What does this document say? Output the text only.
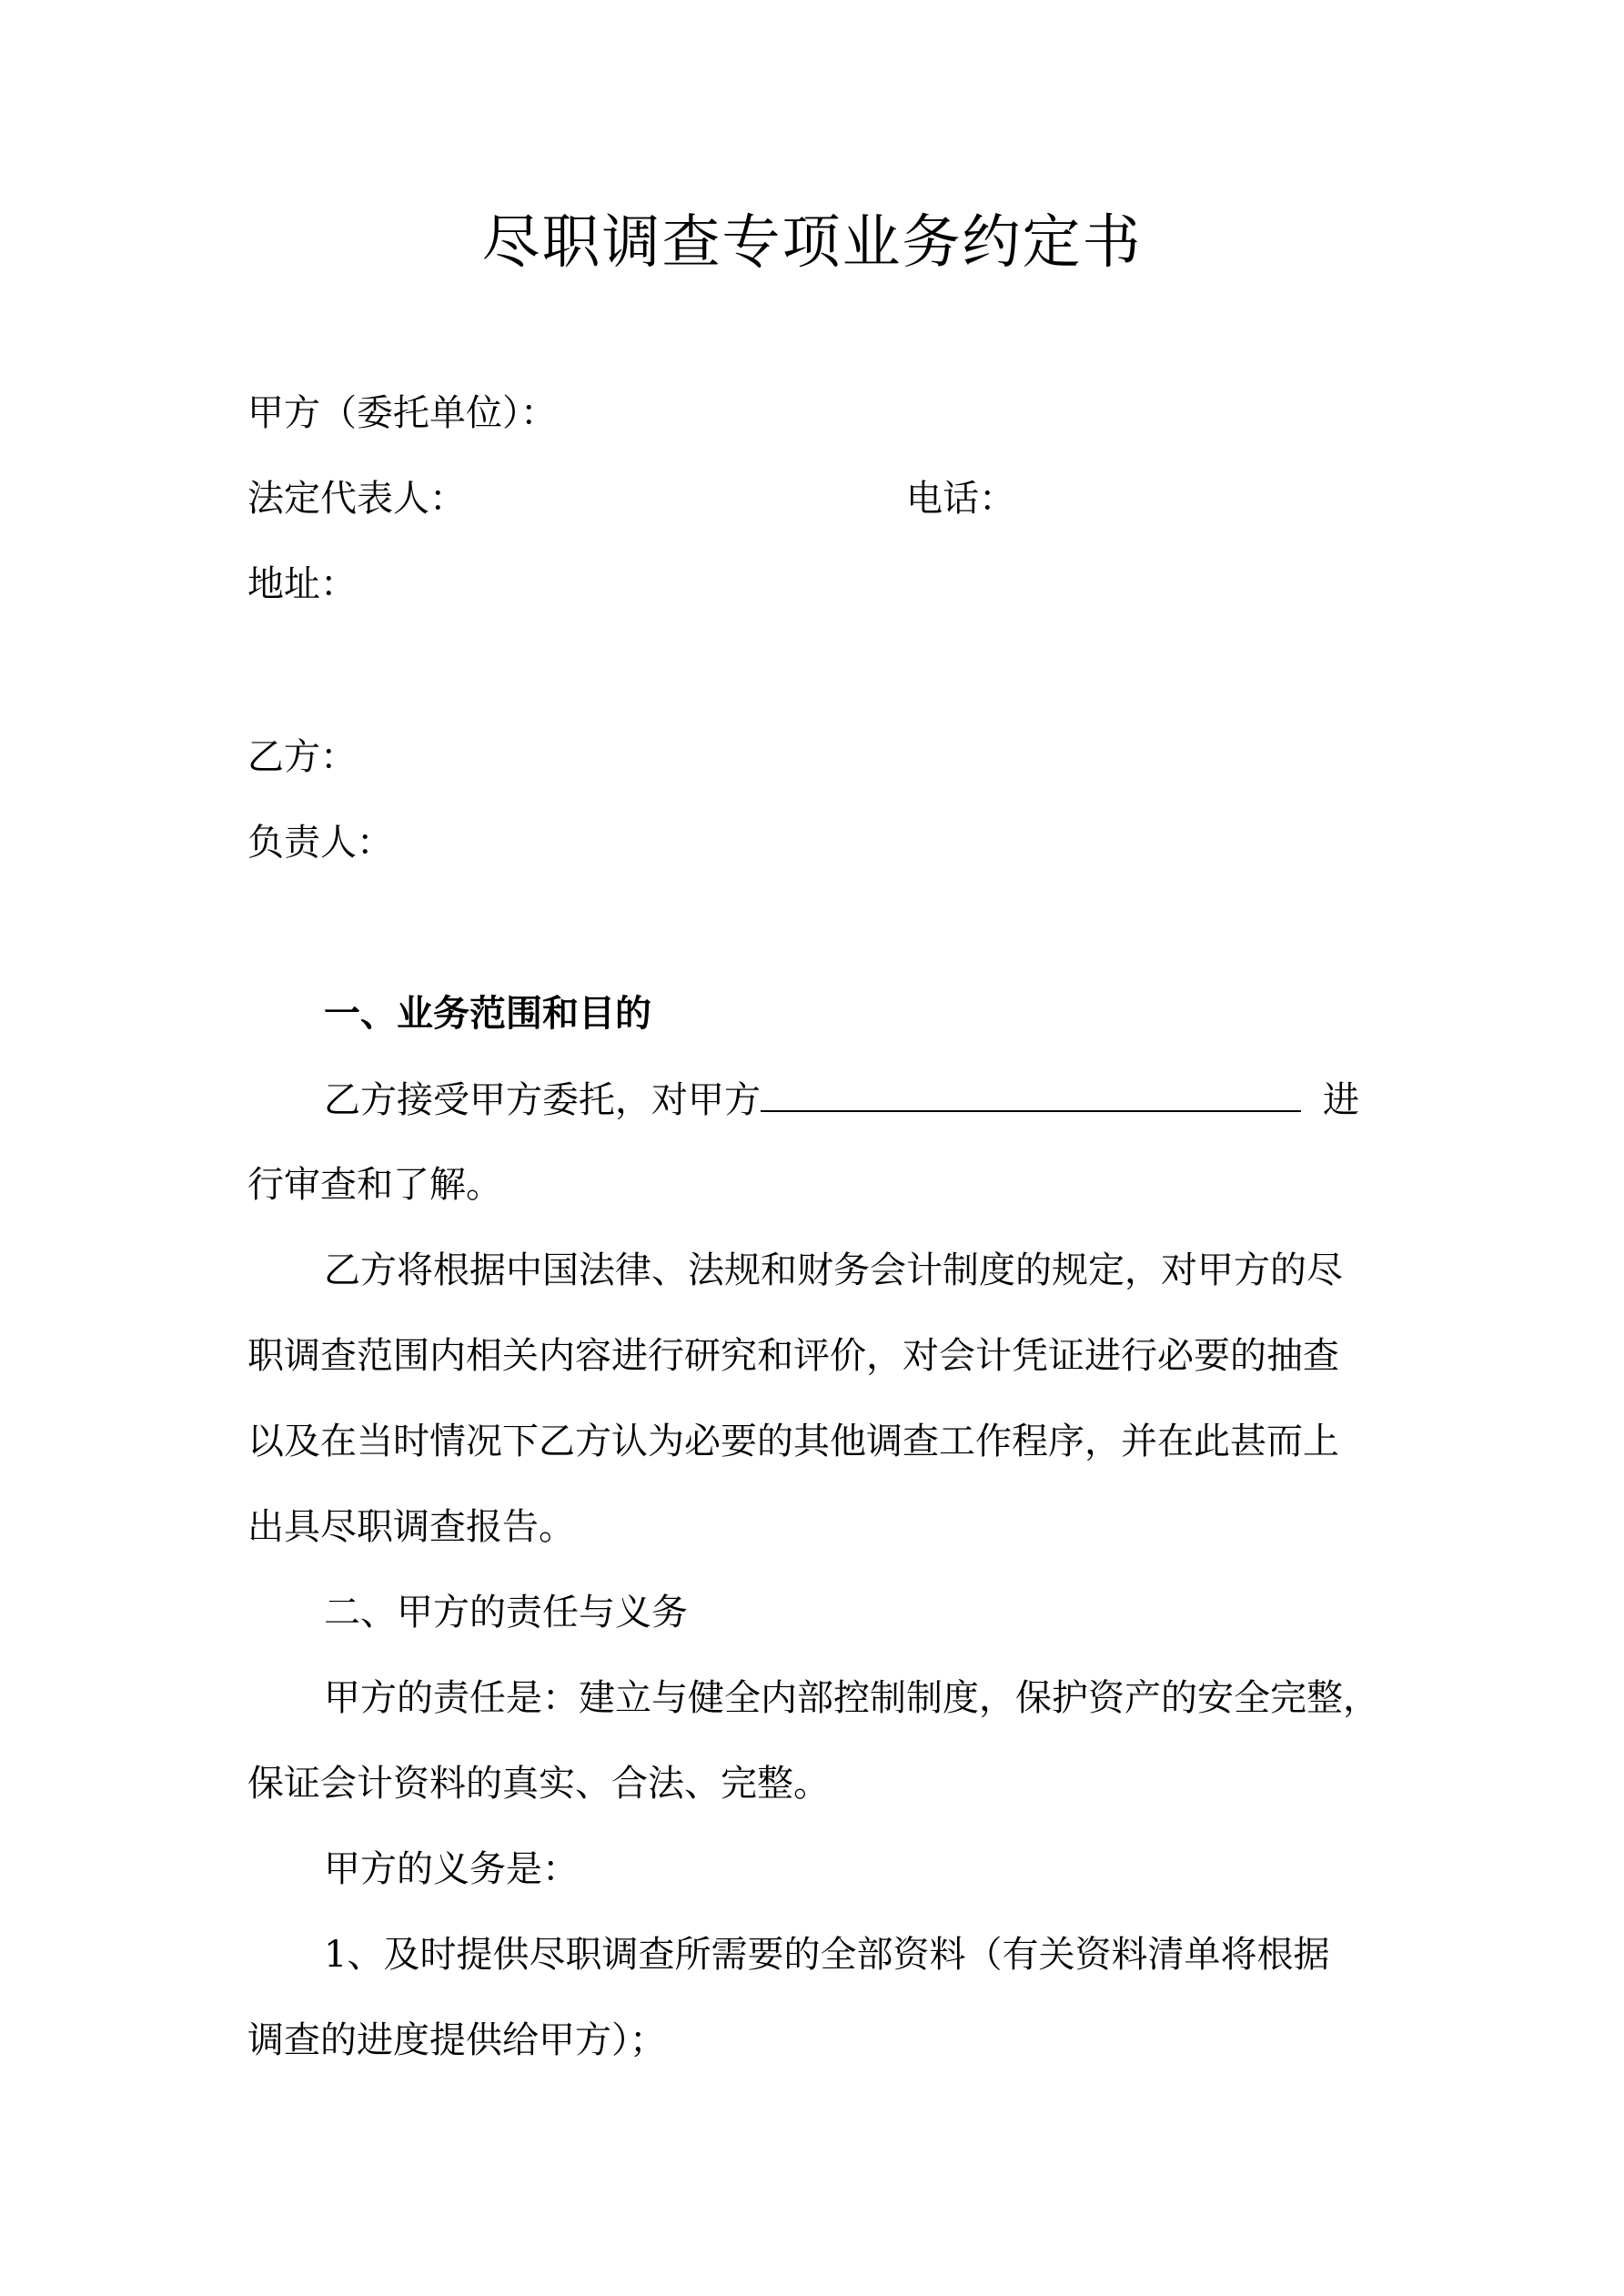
尽职调查专项业务约定书
甲方（委托单位）：
法定代表人：	电话：
地址：
乙方：
负责人：
一、业务范围和目的
乙方接受甲方委托，对甲方	进
行审查和了解。
乙方将根据中国法律、法规和财务会计制度的规定，对甲方的尽
职调查范围内相关内容进行研究和评价，对会计凭证进行必要的抽查
以及在当时情况下乙方认为必要的其他调查工作程序，并在此甚而上
出具尽职调查报告。
二、甲方的责任与义务
甲方的责任是：建立与健全内部控制制度，保护资产的安全完整，
保证会计资料的真实、合法、完整。
甲方的义务是：
1、及时提供尽职调查所需要的全部资料（有关资料清单将根据
调查的进度提供给甲方）；
